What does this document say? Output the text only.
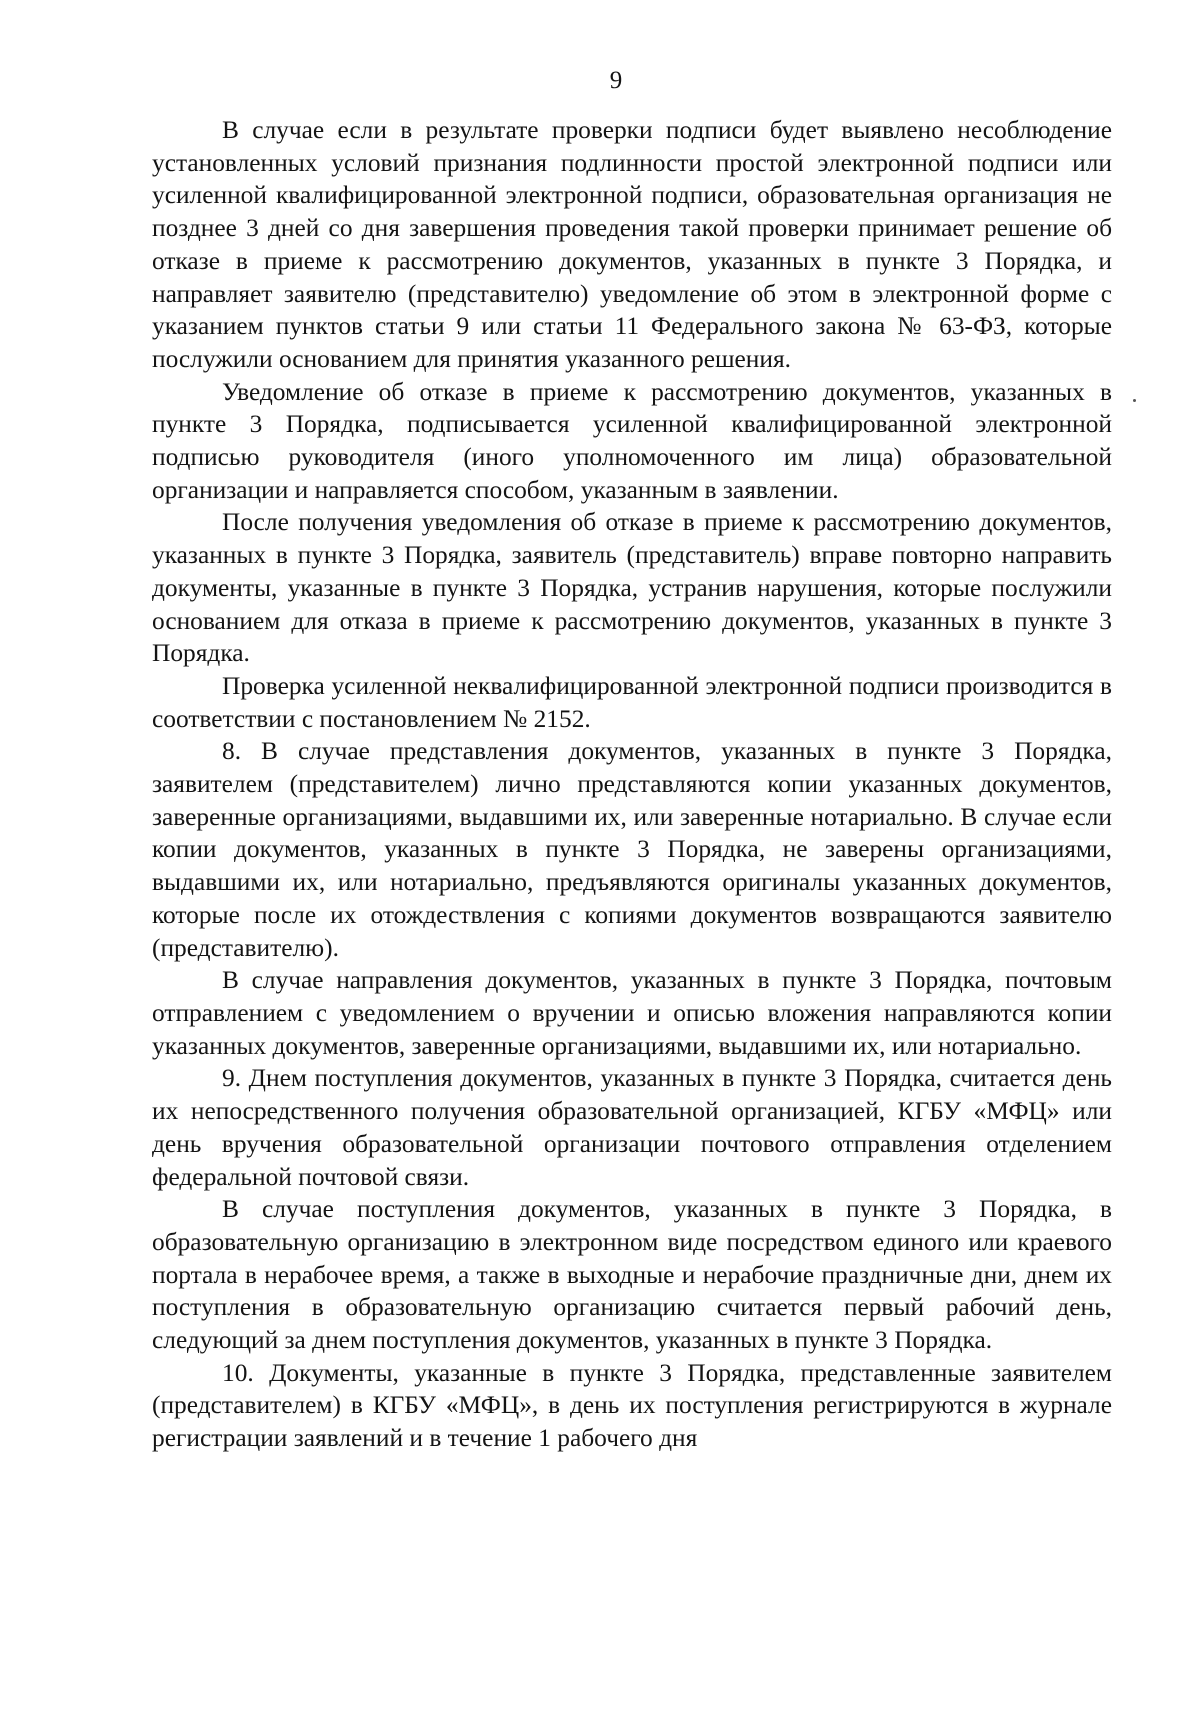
9

В случае если в результате проверки подписи будет выявлено несоблюдение установленных условий признания подлинности простой электронной подписи или усиленной квалифицированной электронной подписи, образовательная организация не позднее 3 дней со дня завершения проведения такой проверки принимает решение об отказе в приеме к рассмотрению документов, указанных в пункте 3 Порядка, и направляет заявителю (представителю) уведомление об этом в электронной форме с указанием пунктов статьи 9 или статьи 11 Федерального закона № 63-ФЗ, которые послужили основанием для принятия указанного решения.

Уведомление об отказе в приеме к рассмотрению документов, указанных в пункте 3 Порядка, подписывается усиленной квалифицированной электронной подписью руководителя (иного уполномоченного им лица) образовательной организации и направляется способом, указанным в заявлении.

После получения уведомления об отказе в приеме к рассмотрению документов, указанных в пункте 3 Порядка, заявитель (представитель) вправе повторно направить документы, указанные в пункте 3 Порядка, устранив нарушения, которые послужили основанием для отказа в приеме к рассмотрению документов, указанных в пункте 3 Порядка.

Проверка усиленной неквалифицированной электронной подписи производится в соответствии с постановлением № 2152.

8. В случае представления документов, указанных в пункте 3 Порядка, заявителем (представителем) лично представляются копии указанных документов, заверенные организациями, выдавшими их, или заверенные нотариально. В случае если копии документов, указанных в пункте 3 Порядка, не заверены организациями, выдавшими их, или нотариально, предъявляются оригиналы указанных документов, которые после их отождествления с копиями документов возвращаются заявителю (представителю).

В случае направления документов, указанных в пункте 3 Порядка, почтовым отправлением с уведомлением о вручении и описью вложения направляются копии указанных документов, заверенные организациями, выдавшими их, или нотариально.

9. Днем поступления документов, указанных в пункте 3 Порядка, считается день их непосредственного получения образовательной организацией, КГБУ «МФЦ» или день вручения образовательной организации почтового отправления отделением федеральной почтовой связи.

В случае поступления документов, указанных в пункте 3 Порядка, в образовательную организацию в электронном виде посредством единого или краевого портала в нерабочее время, а также в выходные и нерабочие праздничные дни, днем их поступления в образовательную организацию считается первый рабочий день, следующий за днем поступления документов, указанных в пункте 3 Порядка.

10. Документы, указанные в пункте 3 Порядка, представленные заявителем (представителем) в КГБУ «МФЦ», в день их поступления регистрируются в журнале регистрации заявлений и в течение 1 рабочего дня
